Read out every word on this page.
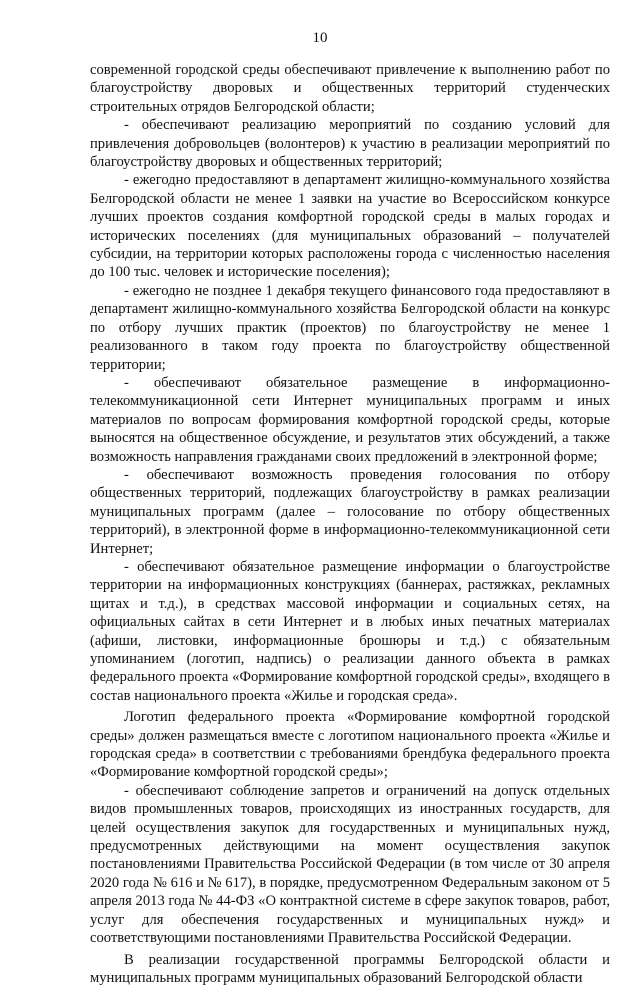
10

современной городской среды обеспечивают привлечение к выполнению работ по благоустройству дворовых и общественных территорий студенческих строительных отрядов Белгородской области;

- обеспечивают реализацию мероприятий по созданию условий для привлечения добровольцев (волонтеров) к участию в реализации мероприятий по благоустройству дворовых и общественных территорий;

- ежегодно предоставляют в департамент жилищно-коммунального хозяйства Белгородской области не менее 1 заявки на участие во Всероссийском конкурсе лучших проектов создания комфортной городской среды в малых городах и исторических поселениях (для муниципальных образований – получателей субсидии, на территории которых расположены города с численностью населения до 100 тыс. человек и исторические поселения);

- ежегодно не позднее 1 декабря текущего финансового года предоставляют в департамент жилищно-коммунального хозяйства Белгородской области на конкурс по отбору лучших практик (проектов) по благоустройству не менее 1 реализованного в таком году проекта по благоустройству общественной территории;

- обеспечивают обязательное размещение в информационно-телекоммуникационной сети Интернет муниципальных программ и иных материалов по вопросам формирования комфортной городской среды, которые выносятся на общественное обсуждение, и результатов этих обсуждений, а также возможность направления гражданами своих предложений в электронной форме;

- обеспечивают возможность проведения голосования по отбору общественных территорий, подлежащих благоустройству в рамках реализации муниципальных программ (далее – голосование по отбору общественных территорий), в электронной форме в информационно-телекоммуникационной сети Интернет;

- обеспечивают обязательное размещение информации о благоустройстве территории на информационных конструкциях (баннерах, растяжках, рекламных щитах и т.д.), в средствах массовой информации и социальных сетях, на официальных сайтах в сети Интернет и в любых иных печатных материалах (афиши, листовки, информационные брошюры и т.д.) с обязательным упоминанием (логотип, надпись) о реализации данного объекта в рамках федерального проекта «Формирование комфортной городской среды», входящего в состав национального проекта «Жилье и городская среда».

Логотип федерального проекта «Формирование комфортной городской среды» должен размещаться вместе с логотипом национального проекта «Жилье и городская среда» в соответствии с требованиями брендбука федерального проекта «Формирование комфортной городской среды»;

- обеспечивают соблюдение запретов и ограничений на допуск отдельных видов промышленных товаров, происходящих из иностранных государств, для целей осуществления закупок для государственных и муниципальных нужд, предусмотренных действующими на момент осуществления закупок постановлениями Правительства Российской Федерации (в том числе от 30 апреля 2020 года № 616 и № 617), в порядке, предусмотренном Федеральным законом от 5 апреля 2013 года № 44-ФЗ «О контрактной системе в сфере закупок товаров, работ, услуг для обеспечения государственных и муниципальных нужд» и соответствующими постановлениями Правительства Российской Федерации.

В реализации государственной программы Белгородской области и муниципальных программ муниципальных образований Белгородской области
